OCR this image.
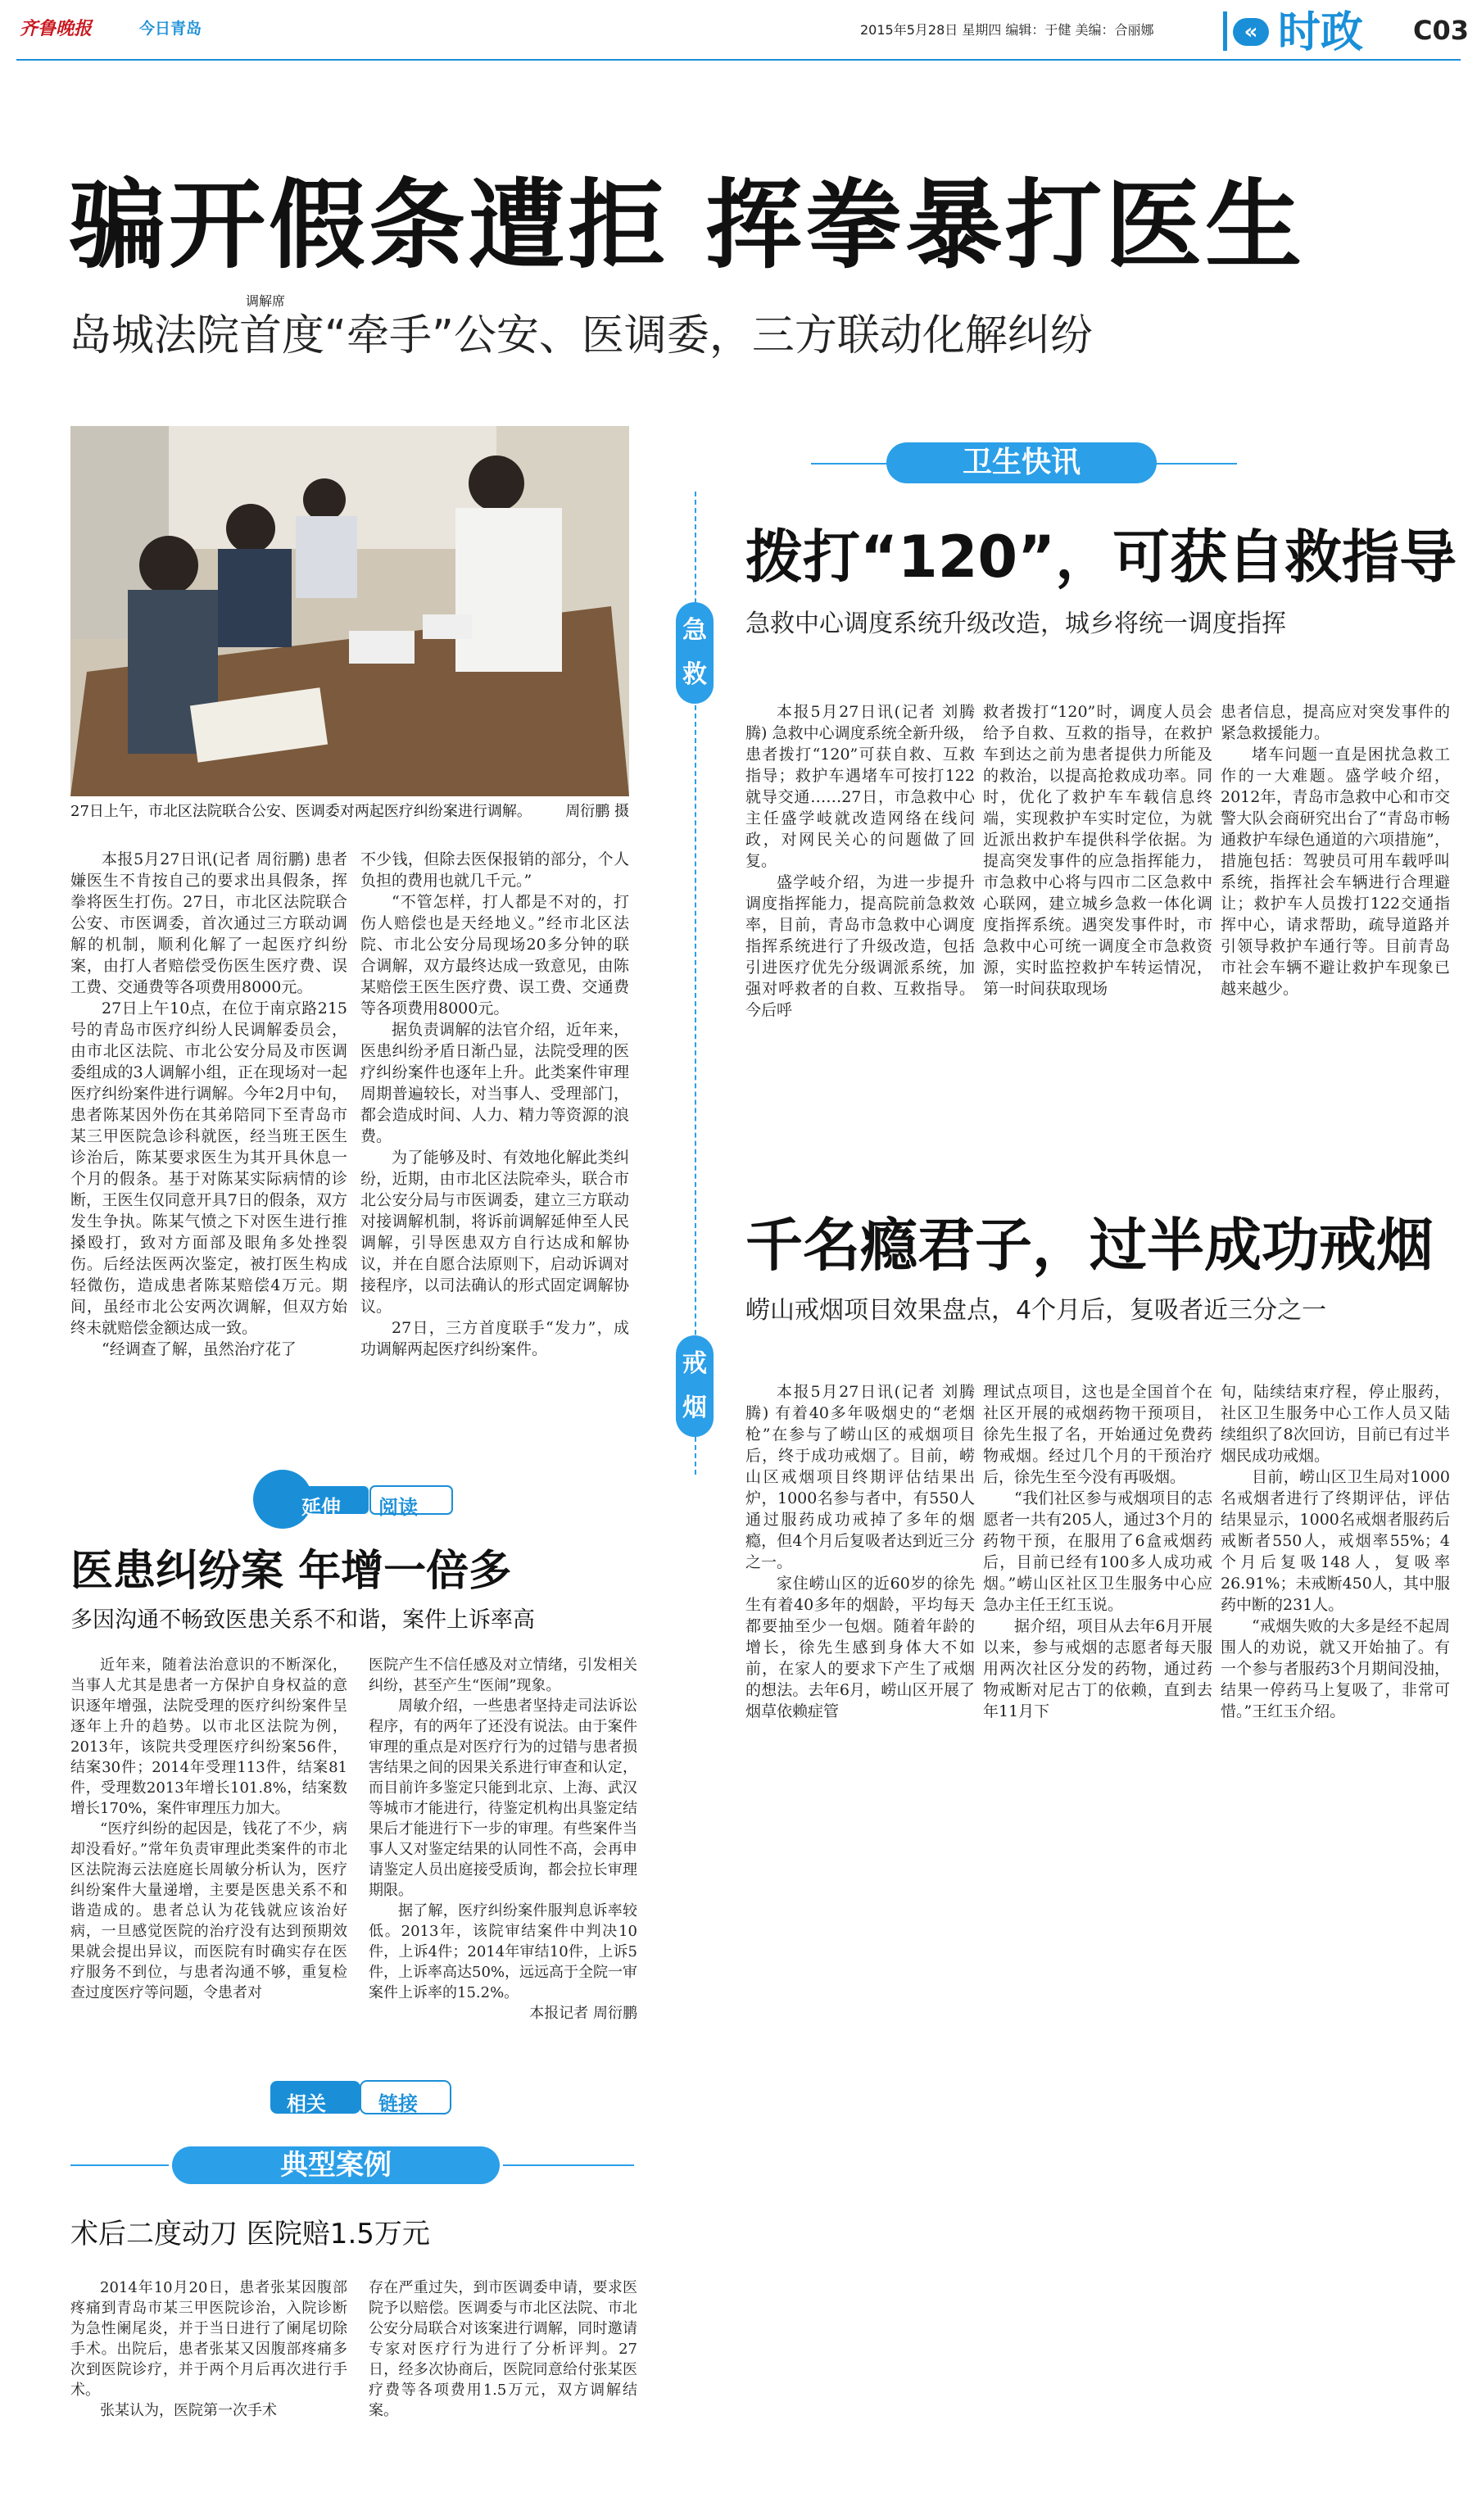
齐鲁晚报	今日青岛	2015年5月28日 星期四 编辑：于健 美编：合丽娜	« 时政 C03
骗开假条遭拒 挥拳暴打医生
岛城法院首度“牵手”公安、医调委，三方联动化解纠纷
调解席
27日上午，市北区法院联合公安、医调委对两起医疗纠纷案进行调解。 周衍鹏 摄

本报5月27日讯(记者 周衍鹏) 患者嫌医生不肯按自己的要求出具假条，挥拳将医生打伤。27日，市北区法院联合公安、市医调委，首次通过三方联动调解的机制，顺利化解了一起医疗纠纷案，由打人者赔偿受伤医生医疗费、误工费、交通费等各项费用8000元。

27日上午10点，在位于南京路215号的青岛市医疗纠纷人民调解委员会，由市北区法院、市北公安分局及市医调委组成的3人调解小组，正在现场对一起医疗纠纷案件进行调解。今年2月中旬，患者陈某因外伤在其弟陪同下至青岛市某三甲医院急诊科就医，经当班王医生诊治后，陈某要求医生为其开具休息一个月的假条。基于对陈某实际病情的诊断，王医生仅同意开具7日的假条，双方发生争执。陈某气愤之下对医生进行推搡殴打，致对方面部及眼角多处挫裂伤。后经法医两次鉴定，被打医生构成轻微伤，造成患者陈某赔偿4万元。期间，虽经市北公安两次调解，但双方始终未就赔偿金额达成一致。

“经调查了解，虽然治疗花了

不少钱，但除去医保报销的部分，个人负担的费用也就几千元。”

“不管怎样，打人都是不对的，打伤人赔偿也是天经地义。”经市北区法院、市北公安分局现场20多分钟的联合调解，双方最终达成一致意见，由陈某赔偿王医生医疗费、误工费、交通费等各项费用8000元。

据负责调解的法官介绍，近年来，医患纠纷矛盾日渐凸显，法院受理的医疗纠纷案件也逐年上升。此类案件审理周期普遍较长，对当事人、受理部门，都会造成时间、人力、精力等资源的浪费。

为了能够及时、有效地化解此类纠纷，近期，由市北区法院牵头，联合市北公安分局与市医调委，建立三方联动对接调解机制，将诉前调解延伸至人民调解，引导医患双方自行达成和解协议，并在自愿合法原则下，启动诉调对接程序，以司法确认的形式固定调解协议。

27日，三方首度联手“发力”，成功调解两起医疗纠纷案件。

卫生快讯
急救
拨打“120”，可获自救指导
急救中心调度系统升级改造，城乡将统一调度指挥

本报5月27日讯(记者 刘腾腾) 急救中心调度系统全新升级，患者拨打“120”可获自救、互救指导；救护车遇堵车可按打122就导交通……27日，市急救中心主任盛学岐就改造网络在线问政，对网民关心的问题做了回复。

盛学岐介绍，为进一步提升调度指挥能力，提高院前急救效率，目前，青岛市急救中心调度指挥系统进行了升级改造，包括引进医疗优先分级调派系统，加强对呼救者的自救、互救指导。今后呼

救者拨打“120”时，调度人员会给予自救、互救的指导，在救护车到达之前为患者提供力所能及的救治，以提高抢救成功率。同时，优化了救护车车载信息终端，实现救护车实时定位，为就近派出救护车提供科学依据。为提高突发事件的应急指挥能力，市急救中心将与四市二区急救中心联网，建立城乡急救一体化调度指挥系统。遇突发事件时，市急救中心可统一调度全市急救资源，实时监控救护车转运情况，第一时间获取现场

患者信息，提高应对突发事件的紧急救援能力。

堵车问题一直是困扰急救工作的一大难题。盛学岐介绍，2012年，青岛市急救中心和市交警大队会商研究出台了“青岛市畅通救护车绿色通道的六项措施”，措施包括：驾驶员可用车载呼叫系统，指挥社会车辆进行合理避让；救护车人员拨打122交通指挥中心，请求帮助，疏导道路并引领导救护车通行等。目前青岛市社会车辆不避让救护车现象已越来越少。

戒烟
千名瘾君子，过半成功戒烟
崂山戒烟项目效果盘点，4个月后，复吸者近三分之一

本报5月27日讯(记者 刘腾腾) 有着40多年吸烟史的“老烟枪”在参与了崂山区的戒烟项目后，终于成功戒烟了。目前，崂山区戒烟项目终期评估结果出炉，1000名参与者中，有550人通过服药成功戒掉了多年的烟瘾，但4个月后复吸者达到近三分之一。

家住崂山区的近60岁的徐先生有着40多年的烟龄，平均每天都要抽至少一包烟。随着年龄的增长，徐先生感到身体大不如前，在家人的要求下产生了戒烟的想法。去年6月，崂山区开展了烟草依赖症管

理试点项目，这也是全国首个在社区开展的戒烟药物干预项目，徐先生报了名，开始通过免费药物戒烟。经过几个月的干预治疗后，徐先生至今没有再吸烟。

“我们社区参与戒烟项目的志愿者一共有205人，通过3个月的药物干预，在服用了6盒戒烟药后，目前已经有100多人成功戒烟。”崂山区社区卫生服务中心应急办主任王红玉说。

据介绍，项目从去年6月开展以来，参与戒烟的志愿者每天服用两次社区分发的药物，通过药物戒断对尼古丁的依赖，直到去年11月下

旬，陆续结束疗程，停止服药，社区卫生服务中心工作人员又陆续组织了8次回访，目前已有过半烟民成功戒烟。

目前，崂山区卫生局对1000名戒烟者进行了终期评估，评估结果显示，1000名戒烟者服药后戒断者550人，戒烟率55%；4个月后复吸148人，复吸率26.91%；未戒断450人，其中服药中断的231人。

“戒烟失败的大多是经不起周围人的劝说，就又开始抽了。有一个参与者服药3个月期间没抽，结果一停药马上复吸了，非常可惜。”王红玉介绍。

延伸 阅读
医患纠纷案 年增一倍多
多因沟通不畅致医患关系不和谐，案件上诉率高

近年来，随着法治意识的不断深化，当事人尤其是患者一方保护自身权益的意识逐年增强，法院受理的医疗纠纷案件呈逐年上升的趋势。以市北区法院为例，2013年，该院共受理医疗纠纷案56件，结案30件；2014年受理113件，结案81件，受理数2013年增长101.8%，结案数增长170%，案件审理压力加大。

“医疗纠纷的起因是，钱花了不少，病却没看好。”常年负责审理此类案件的市北区法院海云法庭庭长周敏分析认为，医疗纠纷案件大量递增，主要是医患关系不和谐造成的。患者总认为花钱就应该治好病，一旦感觉医院的治疗没有达到预期效果就会提出异议，而医院有时确实存在医疗服务不到位，与患者沟通不够，重复检查过度医疗等问题，令患者对

医院产生不信任感及对立情绪，引发相关纠纷，甚至产生“医闹”现象。

周敏介绍，一些患者坚持走司法诉讼程序，有的两年了还没有说法。由于案件审理的重点是对医疗行为的过错与患者损害结果之间的因果关系进行审查和认定，而目前许多鉴定只能到北京、上海、武汉等城市才能进行，待鉴定机构出具鉴定结果后才能进行下一步的审理。有些案件当事人又对鉴定结果的认同性不高，会再申请鉴定人员出庭接受质询，都会拉长审理期限。

据了解，医疗纠纷案件服判息诉率较低。2013年，该院审结案件中判决10件，上诉4件；2014年审结10件，上诉5件，上诉率高达50%，远远高于全院一审案件上诉率的15.2%。

本报记者 周衍鹏

相关	链接
典型案例
术后二度动刀 医院赔1.5万元

2014年10月20日，患者张某因腹部疼痛到青岛市某三甲医院诊治，入院诊断为急性阑尾炎，并于当日进行了阑尾切除手术。出院后，患者张某又因腹部疼痛多次到医院诊疗，并于两个月后再次进行手术。

张某认为，医院第一次手术

存在严重过失，到市医调委申请，要求医院予以赔偿。医调委与市北区法院、市北公安分局联合对该案进行调解，同时邀请专家对医疗行为进行了分析评判。27日，经多次协商后，医院同意给付张某医疗费等各项费用1.5万元，双方调解结案。
